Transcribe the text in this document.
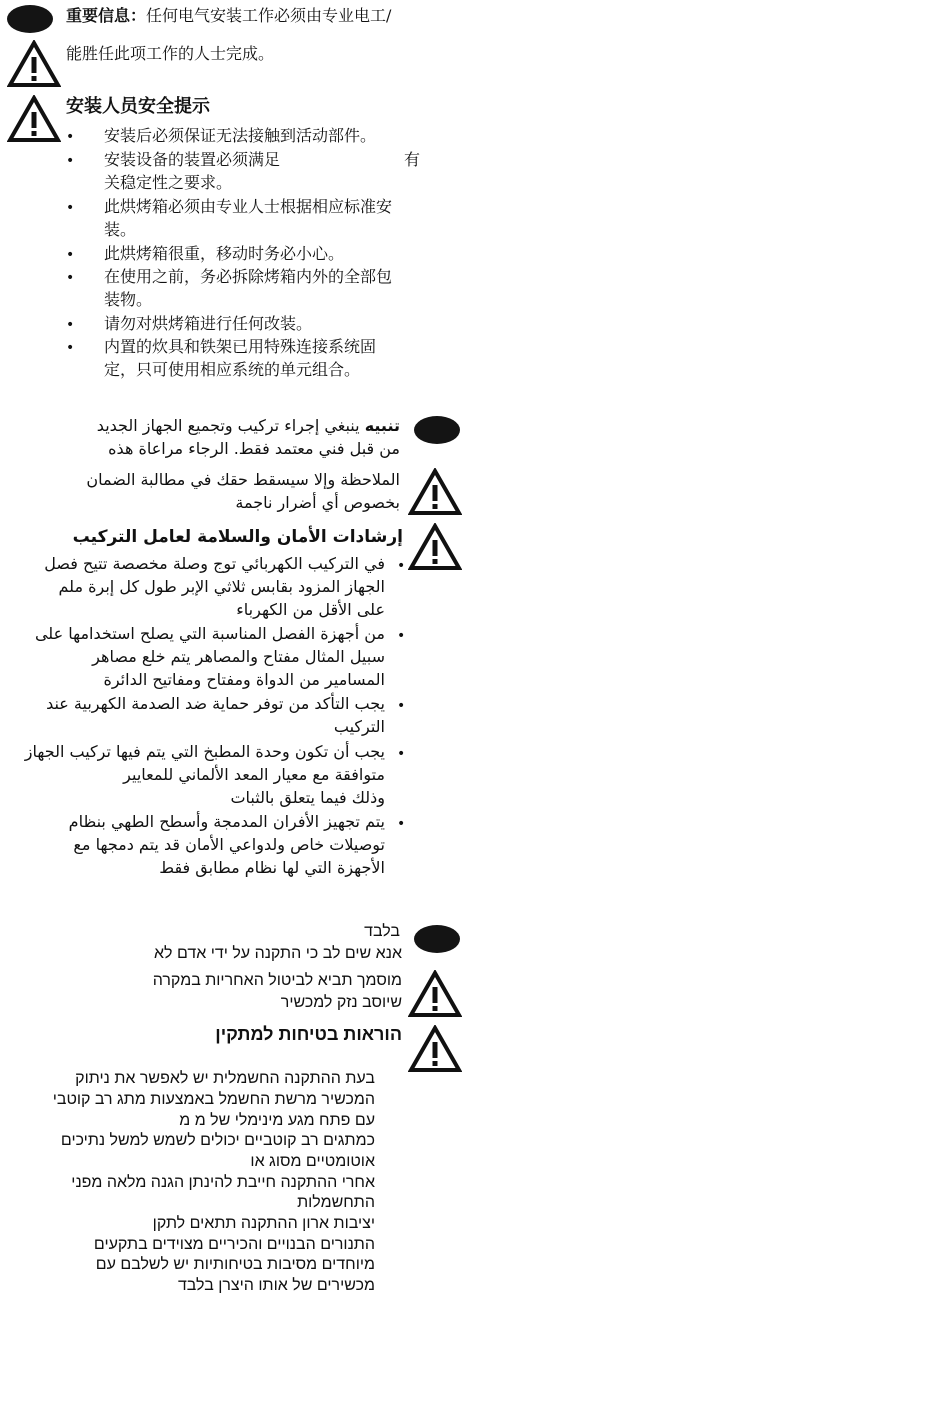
重要信息：任何电气安装工作必须由专业电工/
能胜任此项工作的人士完成。
安装人员安全提示
• 安装后必须保证无法接触到活动部件。
• 安装设备的装置必须满足	有
关稳定性之要求。
• 此烘烤箱必须由专业人士根据相应标准安
装。
• 此烘烤箱很重，移动时务必小心。
• 在使用之前，务必拆除烤箱内外的全部包
装物。
• 请勿对烘烤箱进行任何改装。
• 内置的炊具和铁架已用特殊连接系统固
定，只可使用相应系统的单元组合。
تنبيه ينبغي إجراء تركيب وتجميع الجهاز الجديد
من قبل فني معتمد فقط. الرجاء مراعاة هذه
الملاحظة وإلا سيسقط حقك في مطالبة الضمان
بخصوص أي أضرار ناجمة
إرشادات الأمان والسلامة لعامل التركيب
•
في التركيب الكهربائي توج وصلة مخصصة تتيح فصل
الجهاز المزود بقابس ثلاثي الإبر طول كل إبرة ملم
على الأقل من الكهرباء
•
من أجهزة الفصل المناسبة التي يصلح استخدامها على
سبيل المثال مفتاح والمصاهر يتم خلع مصاهر
المسامير من الدواة ومفتاح ومفاتيح الدائرة
•
يجب التأكد من توفر حماية ضد الصدمة الكهربية عند
التركيب
•
يجب أن تكون وحدة المطبخ التي يتم فيها تركيب الجهاز
متوافقة مع معيار المعد الألماني للمعايير
وذلك فيما يتعلق بالثبات
•
يتم تجهيز الأفران المدمجة وأسطح الطهي بنظام
توصيلات خاص ولدواعي الأمان قد يتم دمجها مع
الأجهزة التي لها نظام مطابق فقط
בלבד
אנא שים לב כי התקנה על ידי אדם לא
מוסמך תביא לביטול האחריות במקרה
שיוסב נזק למכשיר
הוראות בטיחות למתקין
בעת ההתקנה החשמלית יש לאפשר את ניתוק
המכשיר מרשת החשמל באמצעות מתג רב קוטבי
עם פתח מגע מינימלי של מ מ
כמתגים רב קוטביים יכולים לשמש למשל נתיכים
אוטומטיים מסוג או
אחרי ההתקנה חייבת להינתן הגנה מלאה מפני
התחשמלות
יציבות ארון ההתקנה תתאים לתקן
התנורים הבנויים והכיריים מצוידים בתקעים
מיוחדים מסיבות בטיחותיות יש לשלבם עם
מכשירים של אותו היצרן בלבד
